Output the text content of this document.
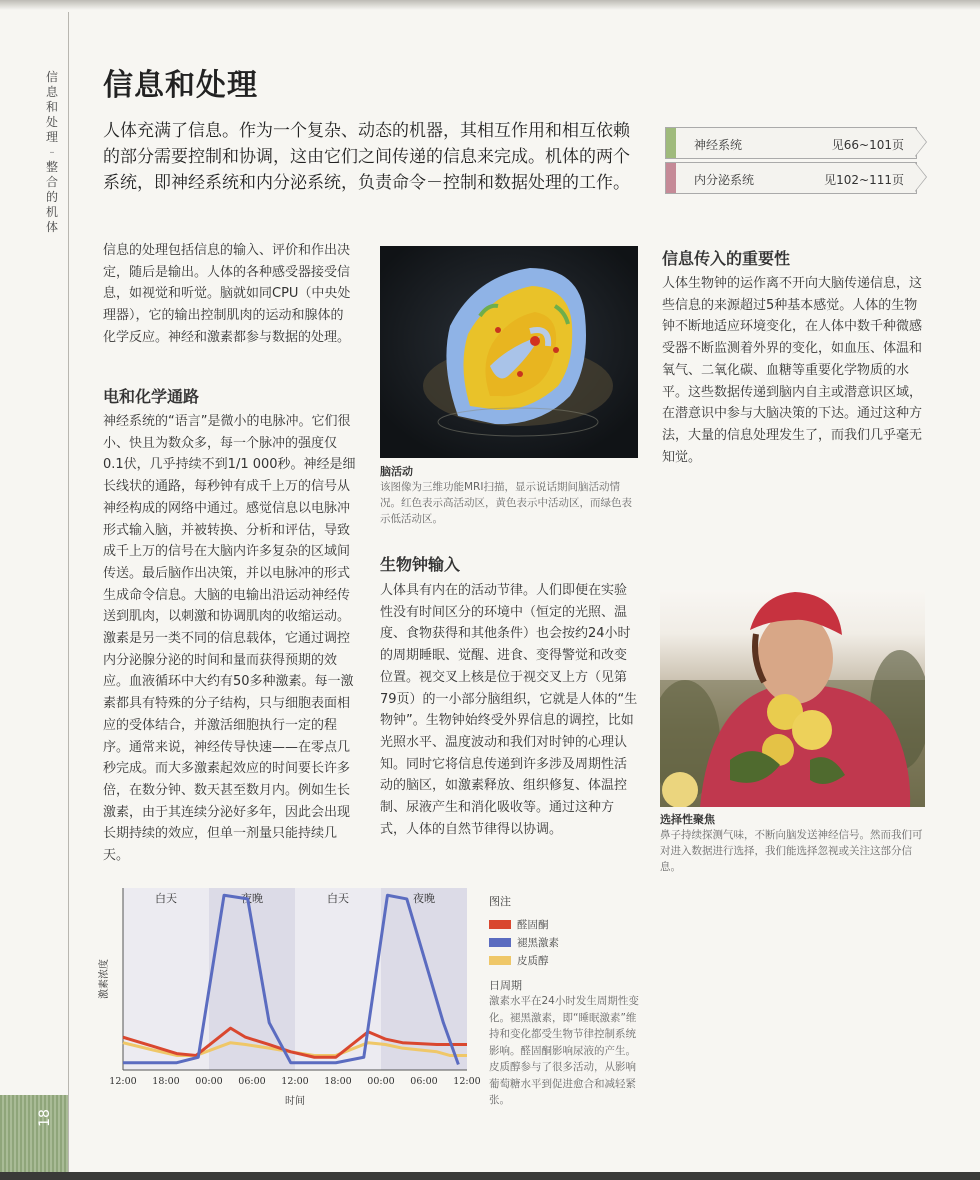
信息和处理
–
整合的机体
18
信息和处理
人体充满了信息。作为一个复杂、动态的机器，其相互作用和相互依赖的部分需要控制和协调，这由它们之间传递的信息来完成。机体的两个系统，即神经系统和内分泌系统，负责命令－控制和数据处理的工作。
神经系统	见66~101页
内分泌系统	见102~111页

信息的处理包括信息的输入、评价和作出决定，随后是输出。人体的各种感受器接受信息，如视觉和听觉。脑就如同CPU（中央处理器），它的输出控制肌肉的运动和腺体的化学反应。神经和激素都参与数据的处理。

电和化学通路

神经系统的“语言”是微小的电脉冲。它们很小、快且为数众多，每一个脉冲的强度仅0.1伏，几乎持续不到1/1 000秒。神经是细长线状的通路，每秒钟有成千上万的信号从神经构成的网络中通过。感觉信息以电脉冲形式输入脑，并被转换、分析和评估，导致成千上万的信号在大脑内许多复杂的区域间传送。最后脑作出决策，并以电脉冲的形式生成命令信息。大脑的电输出沿运动神经传送到肌肉，以刺激和协调肌肉的收缩运动。激素是另一类不同的信息载体，它通过调控内分泌腺分泌的时间和量而获得预期的效应。血液循环中大约有50多种激素。每一激素都具有特殊的分子结构，只与细胞表面相应的受体结合，并激活细胞执行一定的程序。通常来说，神经传导快速——在零点几秒完成。而大多激素起效应的时间要长许多倍，在数分钟、数天甚至数月内。例如生长激素，由于其连续分泌好多年，因此会出现长期持续的效应，但单一剂量只能持续几天。

脑活动

该图像为三维功能MRI扫描，显示说话期间脑活动情况。红色表示高活动区，黄色表示中活动区，而绿色表示低活动区。

生物钟输入

人体具有内在的活动节律。人们即便在实验性没有时间区分的环境中（恒定的光照、温度、食物获得和其他条件）也会按约24小时的周期睡眠、觉醒、进食、变得警觉和改变位置。视交叉上核是位于视交叉上方（见第79页）的一小部分脑组织，它就是人体的“生物钟”。生物钟始终受外界信息的调控，比如光照水平、温度波动和我们对时钟的心理认知。同时它将信息传递到许多涉及周期性活动的脑区，如激素释放、组织修复、体温控制、尿液产生和消化吸收等。通过这种方式，人体的自然节律得以协调。

信息传入的重要性

人体生物钟的运作离不开向大脑传递信息，这些信息的来源超过5种基本感觉。人体的生物钟不断地适应环境变化，在人体中数千种微感受器不断监测着外界的变化，如血压、体温和氧气、二氧化碳、血糖等重要化学物质的水平。这些数据传递到脑内自主或潜意识区域，在潜意识中参与大脑决策的下达。通过这种方法，大量的信息处理发生了，而我们几乎毫无知觉。

选择性聚焦

鼻子持续探测气味，不断向脑发送神经信号。然而我们可对进入数据进行选择，我们能选择忽视或关注这部分信息。

白天	夜晚	白天	夜晚
12:00 18:00 00:00 06:00 12:00 18:00 00:00 06:00 12:00
时间
激素浓度

图注

醛固酮
褪黑激素
皮质醇

日周期

激素水平在24小时发生周期性变化。褪黑激素，即“睡眠激素”维持和变化都受生物节律控制系统影响。醛固酮影响尿液的产生。皮质醇参与了很多活动，从影响葡萄糖水平到促进愈合和减轻紧张。
